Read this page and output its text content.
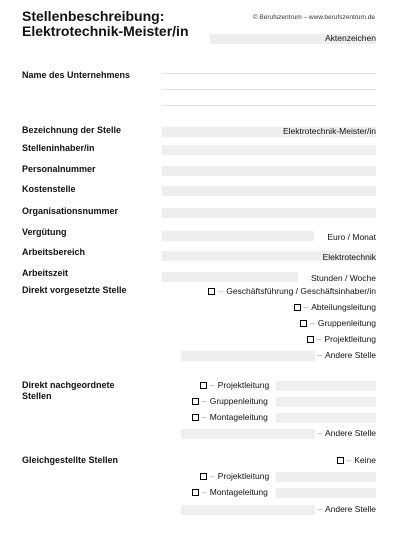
Stellenbeschreibung:
Elektrotechnik-Meister/in
© Berufszentrum – www.berufszentrum.de
Aktenzeichen
Name des Unternehmens
Bezeichnung der Stelle	Elektrotechnik-Meister/in
Stelleninhaber/in
Personalnummer
Kostenstelle
Organisationsnummer
Vergütung	Euro / Monat
Arbeitsbereich	Elektrotechnik
Arbeitszeit	Stunden / Woche
Direkt vorgesetzte Stelle	– Geschäftsführung / Geschäftsinhaber/in
– Abteilungsleitung
– Gruppenleitung
– Projektleitung
– Andere Stelle
Direkt nachgeordnete
Stellen
– Projektleitung
– Gruppenleitung
– Montageleitung
– Andere Stelle
Gleichgestellte Stellen	– Keine
– Projektleitung
– Montageleitung
– Andere Stelle
